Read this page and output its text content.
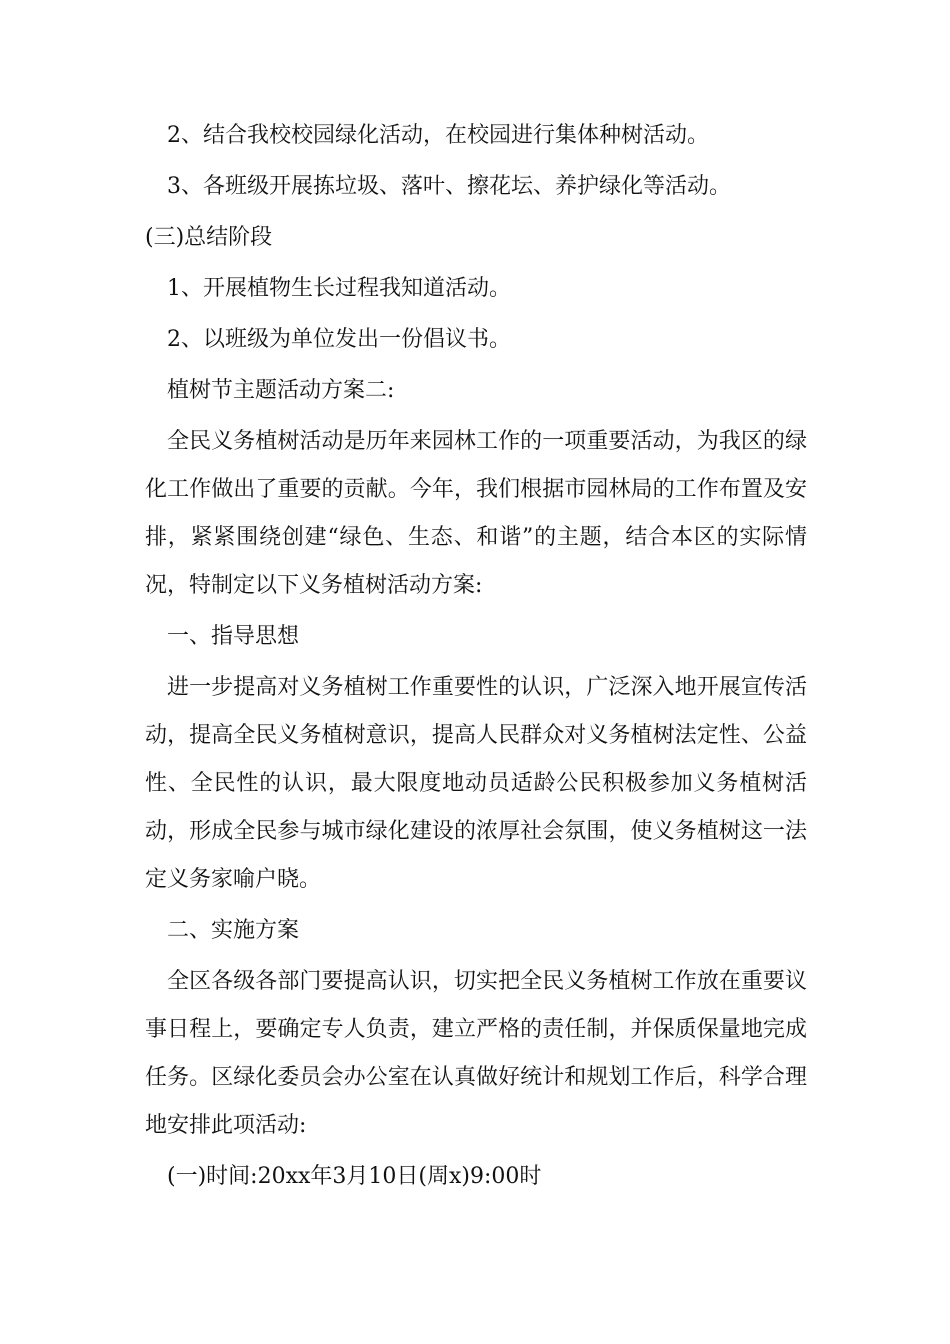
2、结合我校校园绿化活动，在校园进行集体种树活动。

3、各班级开展拣垃圾、落叶、擦花坛、养护绿化等活动。

(三)总结阶段

1、开展植物生长过程我知道活动。

2、以班级为单位发出一份倡议书。

植树节主题活动方案二:

全民义务植树活动是历年来园林工作的一项重要活动，为我区的绿化工作做出了重要的贡献。今年，我们根据市园林局的工作布置及安排，紧紧围绕创建“绿色、生态、和谐”的主题，结合本区的实际情况，特制定以下义务植树活动方案:

一、指导思想

进一步提高对义务植树工作重要性的认识，广泛深入地开展宣传活动，提高全民义务植树意识，提高人民群众对义务植树法定性、公益性、全民性的认识，最大限度地动员适龄公民积极参加义务植树活动，形成全民参与城市绿化建设的浓厚社会氛围，使义务植树这一法定义务家喻户晓。

二、实施方案

全区各级各部门要提高认识，切实把全民义务植树工作放在重要议事日程上，要确定专人负责，建立严格的责任制，并保质保量地完成任务。区绿化委员会办公室在认真做好统计和规划工作后，科学合理地安排此项活动:

(一)时间:20xx年3月10日(周x)9:00时
